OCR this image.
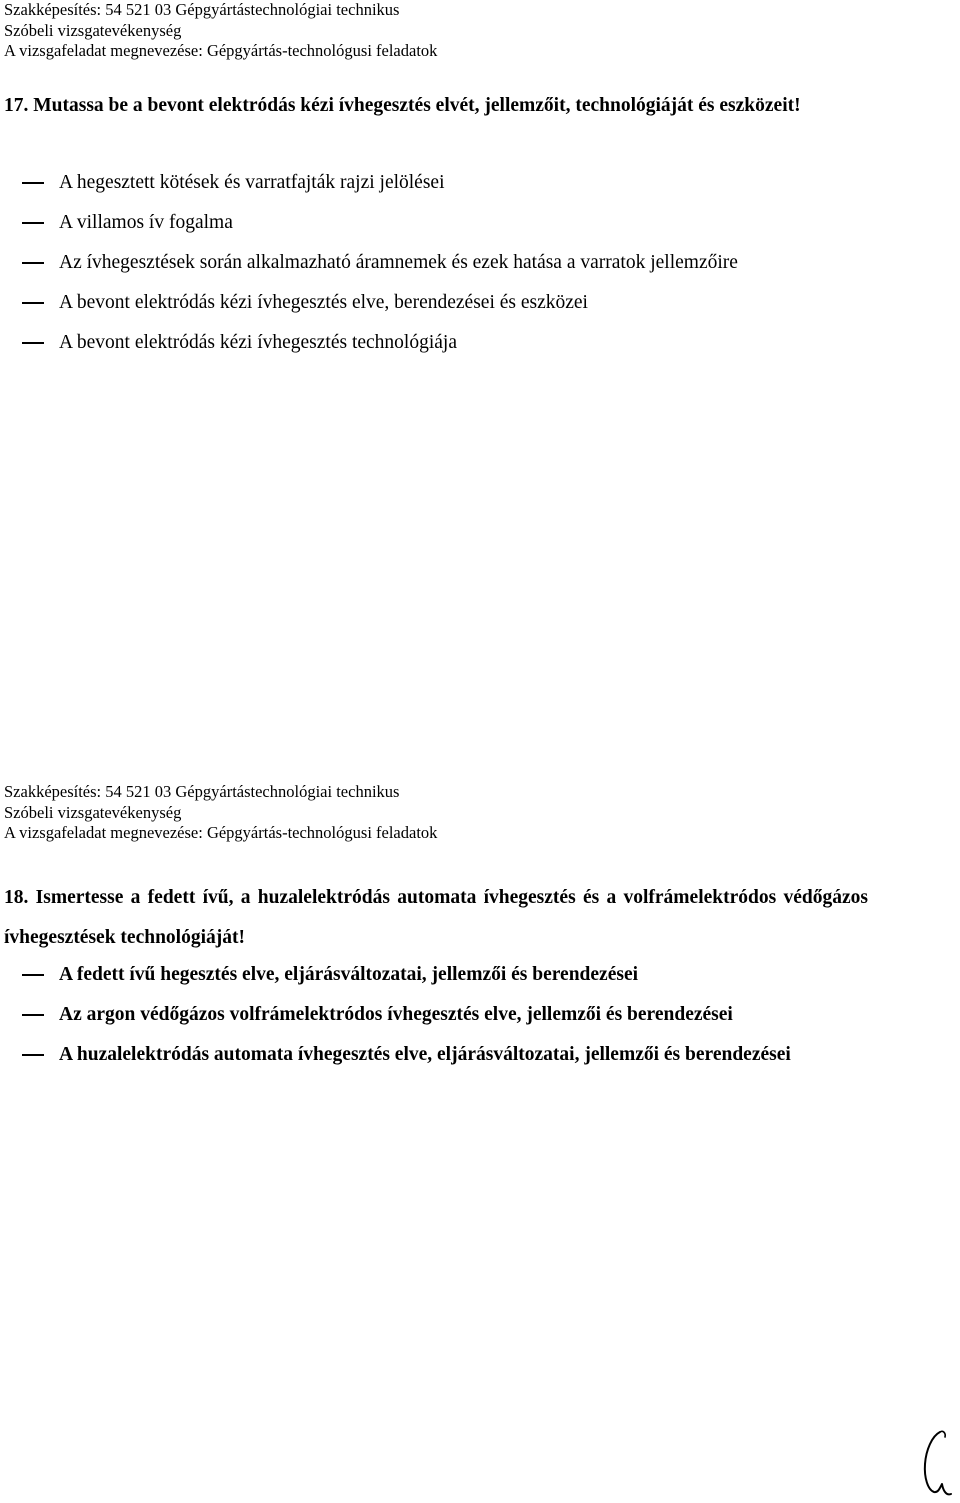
Szakképesítés: 54 521 03 Gépgyártástechnológiai technikus
Szóbeli vizsgatevékenység
A vizsgafeladat megnevezése: Gépgyártás-technológusi feladatok
17. Mutassa be a bevont elektródás kézi ívhegesztés elvét, jellemzőit, technológiáját és eszközeit!
A hegesztett kötések és varratfajták rajzi jelölései
A villamos ív fogalma
Az ívhegesztések során alkalmazható áramnemek és ezek hatása a varratok jellemzőire
A bevont elektródás kézi ívhegesztés elve, berendezései és eszközei
A bevont elektródás kézi ívhegesztés technológiája
Szakképesítés: 54 521 03 Gépgyártástechnológiai technikus
Szóbeli vizsgatevékenység
A vizsgafeladat megnevezése: Gépgyártás-technológusi feladatok
18. Ismertesse a fedett ívű, a huzalelektródás automata ívhegesztés és a volfrámelektródos védőgázos ívhegesztések technológiáját!
A fedett ívű hegesztés elve, eljárásváltozatai, jellemzői és berendezései
Az argon védőgázos volfrámelektródos ívhegesztés elve, jellemzői és berendezései
A huzalelektródás automata ívhegesztés elve, eljárásváltozatai, jellemzői és berendezései
